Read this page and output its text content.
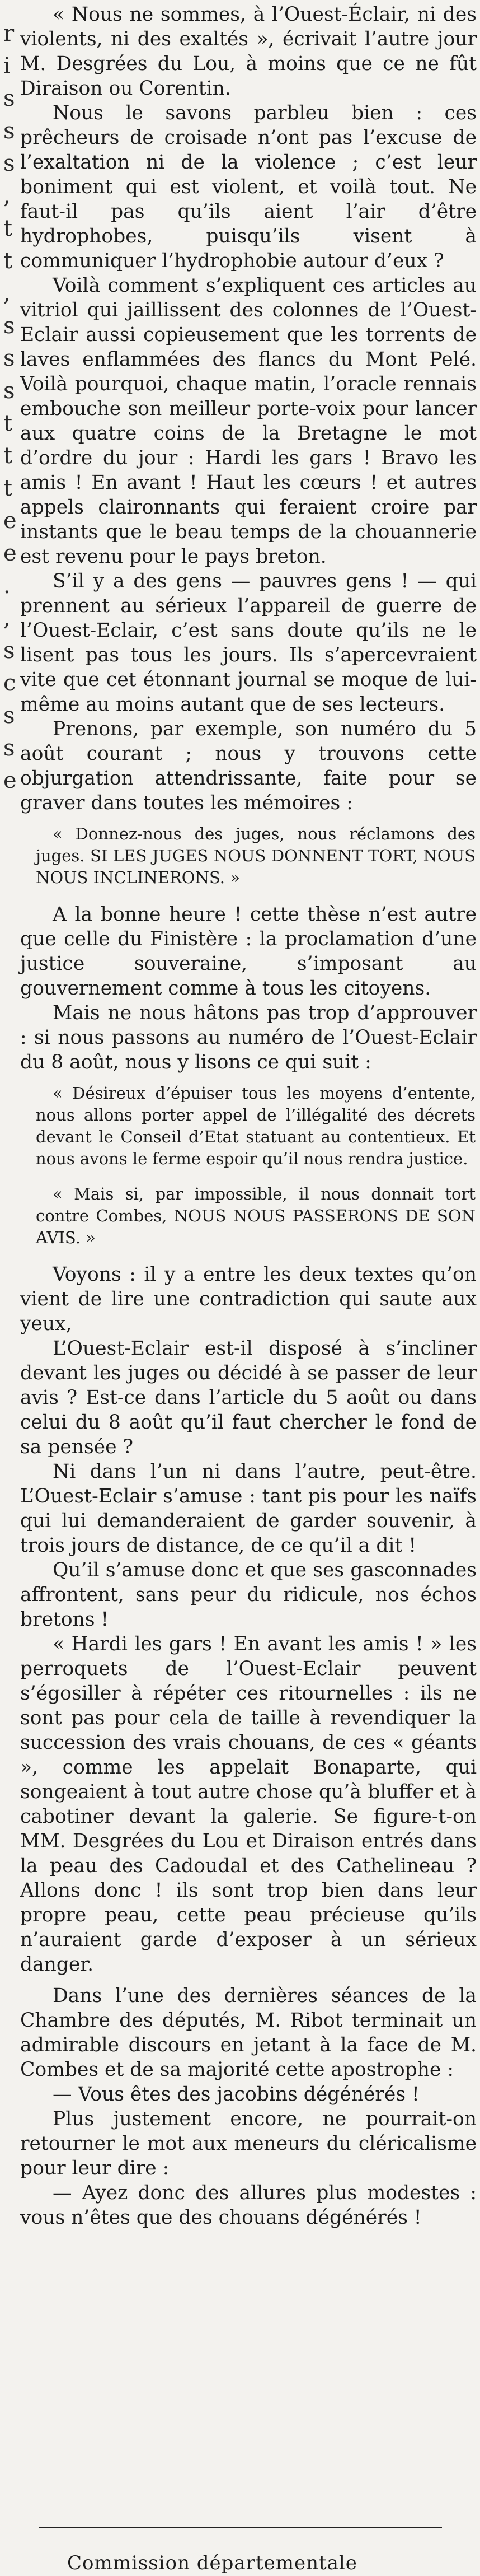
r
i
s
s
s
,
t
t
,
s
s
s
t
t
t
e
e
.
,
s
c
s
s
e

« Nous ne sommes, à l’Ouest-Éclair, ni des violents, ni des exaltés », écrivait l’autre jour M. Desgrées du Lou, à moins que ce ne fût Diraison ou Corentin.

Nous le savons parbleu bien : ces prêcheurs de croisade n’ont pas l’excuse de l’exaltation ni de la violence ; c’est leur boniment qui est violent, et voilà tout. Ne faut-il pas qu’ils aient l’air d’être hydrophobes, puisqu’ils visent à communiquer l’hydrophobie autour d’eux ?

Voilà comment s’expliquent ces articles au vitriol qui jaillissent des colonnes de l’Ouest-Eclair aussi copieusement que les torrents de laves enflammées des flancs du Mont Pelé. Voilà pourquoi, chaque matin, l’oracle rennais embouche son meilleur porte-voix pour lancer aux quatre coins de la Bretagne le mot d’ordre du jour : Hardi les gars ! Bravo les amis ! En avant ! Haut les cœurs ! et autres appels claironnants qui feraient croire par instants que le beau temps de la chouannerie est revenu pour le pays breton.

S’il y a des gens — pauvres gens ! — qui prennent au sérieux l’appareil de guerre de l’Ouest-Eclair, c’est sans doute qu’ils ne le lisent pas tous les jours. Ils s’apercevraient vite que cet étonnant journal se moque de lui-même au moins autant que de ses lecteurs.

Prenons, par exemple, son numéro du 5 août courant ; nous y trouvons cette objurgation attendrissante, faite pour se graver dans toutes les mémoires :

« Donnez-nous des juges, nous réclamons des juges. SI LES JUGES NOUS DONNENT TORT, NOUS NOUS INCLINERONS. »

A la bonne heure ! cette thèse n’est autre que celle du Finistère : la proclamation d’une justice souveraine, s’imposant au gouvernement comme à tous les citoyens.

Mais ne nous hâtons pas trop d’approuver : si nous passons au numéro de l’Ouest-Eclair du 8 août, nous y lisons ce qui suit :

« Désireux d’épuiser tous les moyens d’entente, nous allons porter appel de l’illégalité des décrets devant le Conseil d’Etat statuant au contentieux. Et nous avons le ferme espoir qu’il nous rendra justice.

« Mais si, par impossible, il nous donnait tort contre Combes, NOUS NOUS PASSERONS DE SON AVIS. »

Voyons : il y a entre les deux textes qu’on vient de lire une contradiction qui saute aux yeux,

L’Ouest-Eclair est-il disposé à s’incliner devant les juges ou décidé à se passer de leur avis ? Est-ce dans l’article du 5 août ou dans celui du 8 août qu’il faut chercher le fond de sa pensée ?

Ni dans l’un ni dans l’autre, peut-être. L’Ouest-Eclair s’amuse : tant pis pour les naïfs qui lui demanderaient de garder souvenir, à trois jours de distance, de ce qu’il a dit !

Qu’il s’amuse donc et que ses gasconnades affrontent, sans peur du ridicule, nos échos bretons !

« Hardi les gars ! En avant les amis ! » les perroquets de l’Ouest-Eclair peuvent s’égosiller à répéter ces ritournelles : ils ne sont pas pour cela de taille à revendiquer la succession des vrais chouans, de ces « géants », comme les appelait Bonaparte, qui songeaient à tout autre chose qu’à bluffer et à cabotiner devant la galerie. Se figure-t-on MM. Desgrées du Lou et Diraison entrés dans la peau des Cadoudal et des Cathelineau ? Allons donc ! ils sont trop bien dans leur propre peau, cette peau précieuse qu’ils n’auraient garde d’exposer à un sérieux danger.

Dans l’une des dernières séances de la Chambre des députés, M. Ribot terminait un admirable discours en jetant à la face de M. Combes et de sa majorité cette apostrophe :

— Vous êtes des jacobins dégénérés !

Plus justement encore, ne pourrait-on retourner le mot aux meneurs du cléricalisme pour leur dire :

— Ayez donc des allures plus modestes : vous n’êtes que des chouans dégénérés !

Commission départementale
